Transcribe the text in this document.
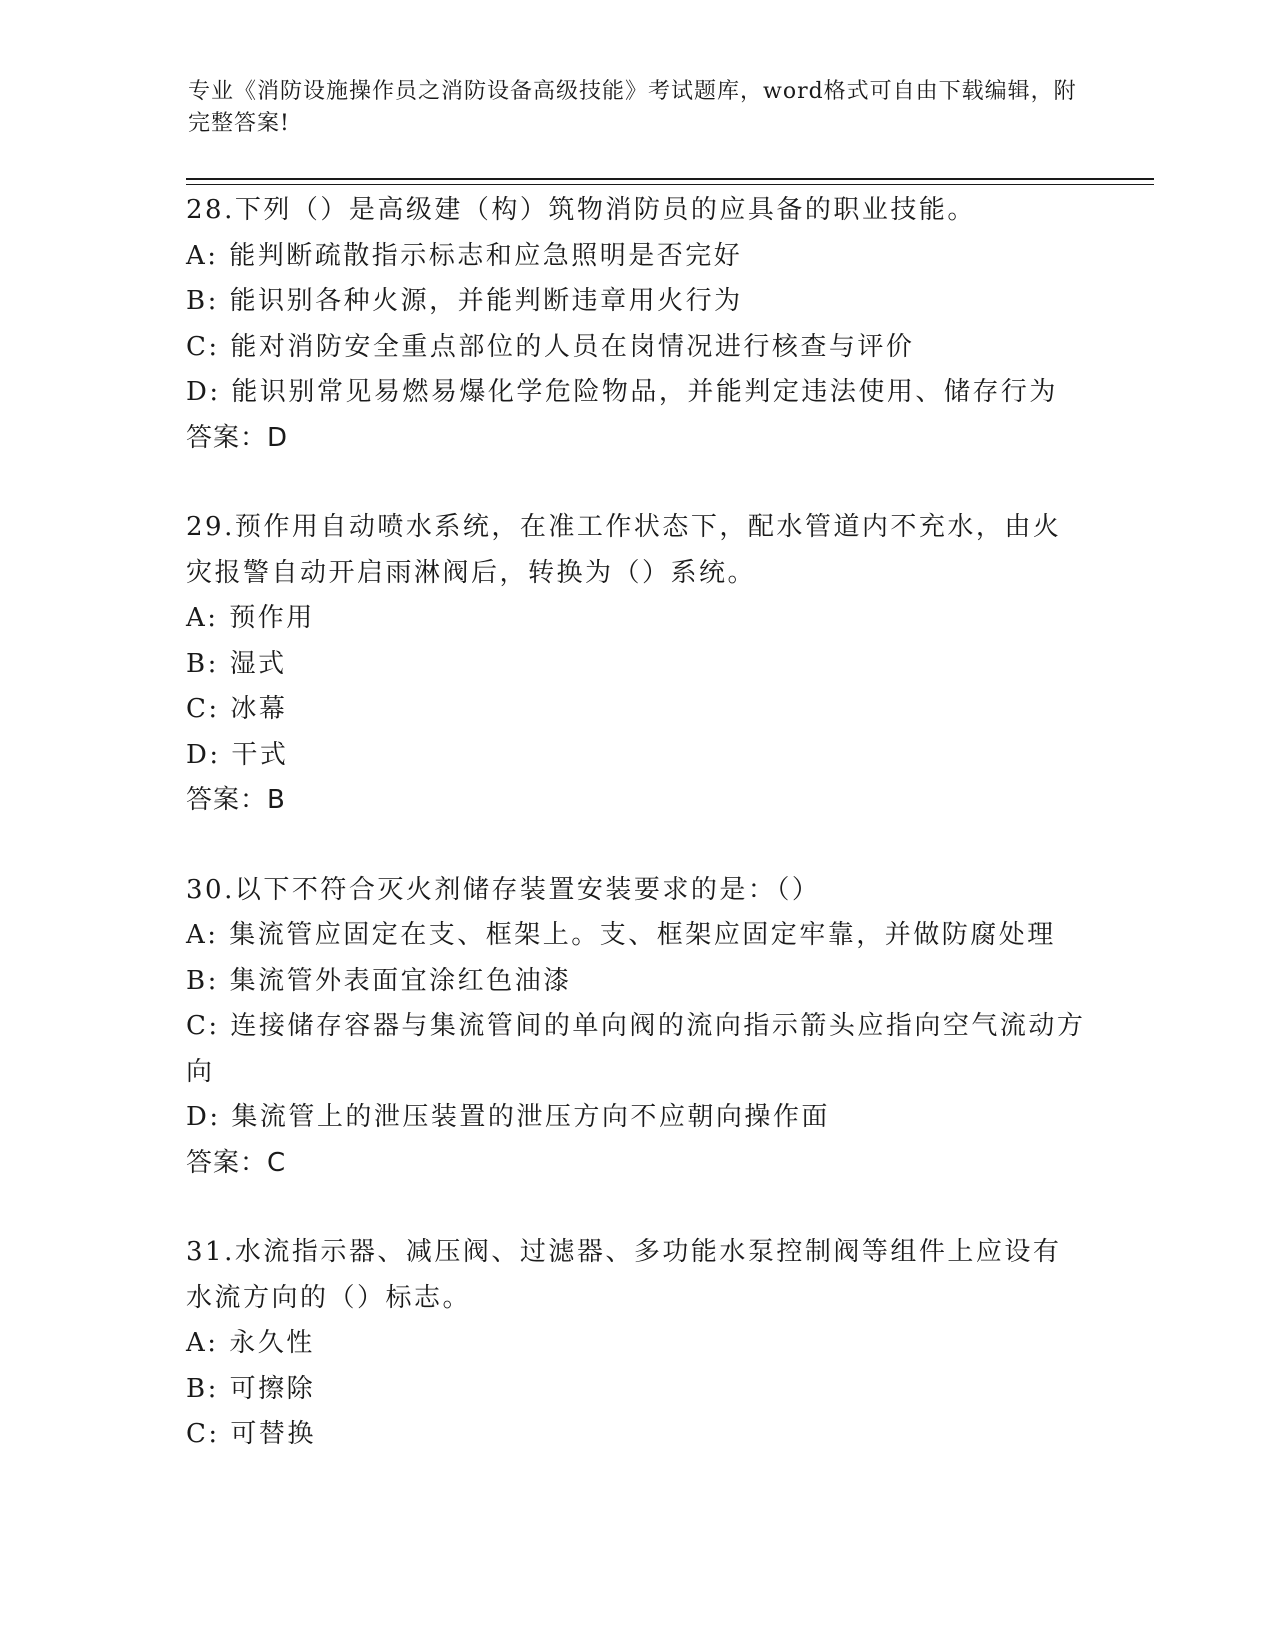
专业《消防设施操作员之消防设备高级技能》考试题库，word格式可自由下载编辑，附完整答案!
28.下列（）是高级建（构）筑物消防员的应具备的职业技能。
A: 能判断疏散指示标志和应急照明是否完好
B: 能识别各种火源，并能判断违章用火行为
C: 能对消防安全重点部位的人员在岗情况进行核查与评价
D: 能识别常见易燃易爆化学危险物品，并能判定违法使用、储存行为
答案：D
29.预作用自动喷水系统，在准工作状态下，配水管道内不充水，由火灾报警自动开启雨淋阀后，转换为（）系统。
A: 预作用
B: 湿式
C: 冰幕
D: 干式
答案：B
30.以下不符合灭火剂储存装置安装要求的是：（）
A: 集流管应固定在支、框架上。支、框架应固定牢靠，并做防腐处理
B: 集流管外表面宜涂红色油漆
C: 连接储存容器与集流管间的单向阀的流向指示箭头应指向空气流动方向
D: 集流管上的泄压装置的泄压方向不应朝向操作面
答案：C
31.水流指示器、减压阀、过滤器、多功能水泵控制阀等组件上应设有水流方向的（）标志。
A: 永久性
B: 可擦除
C: 可替换
